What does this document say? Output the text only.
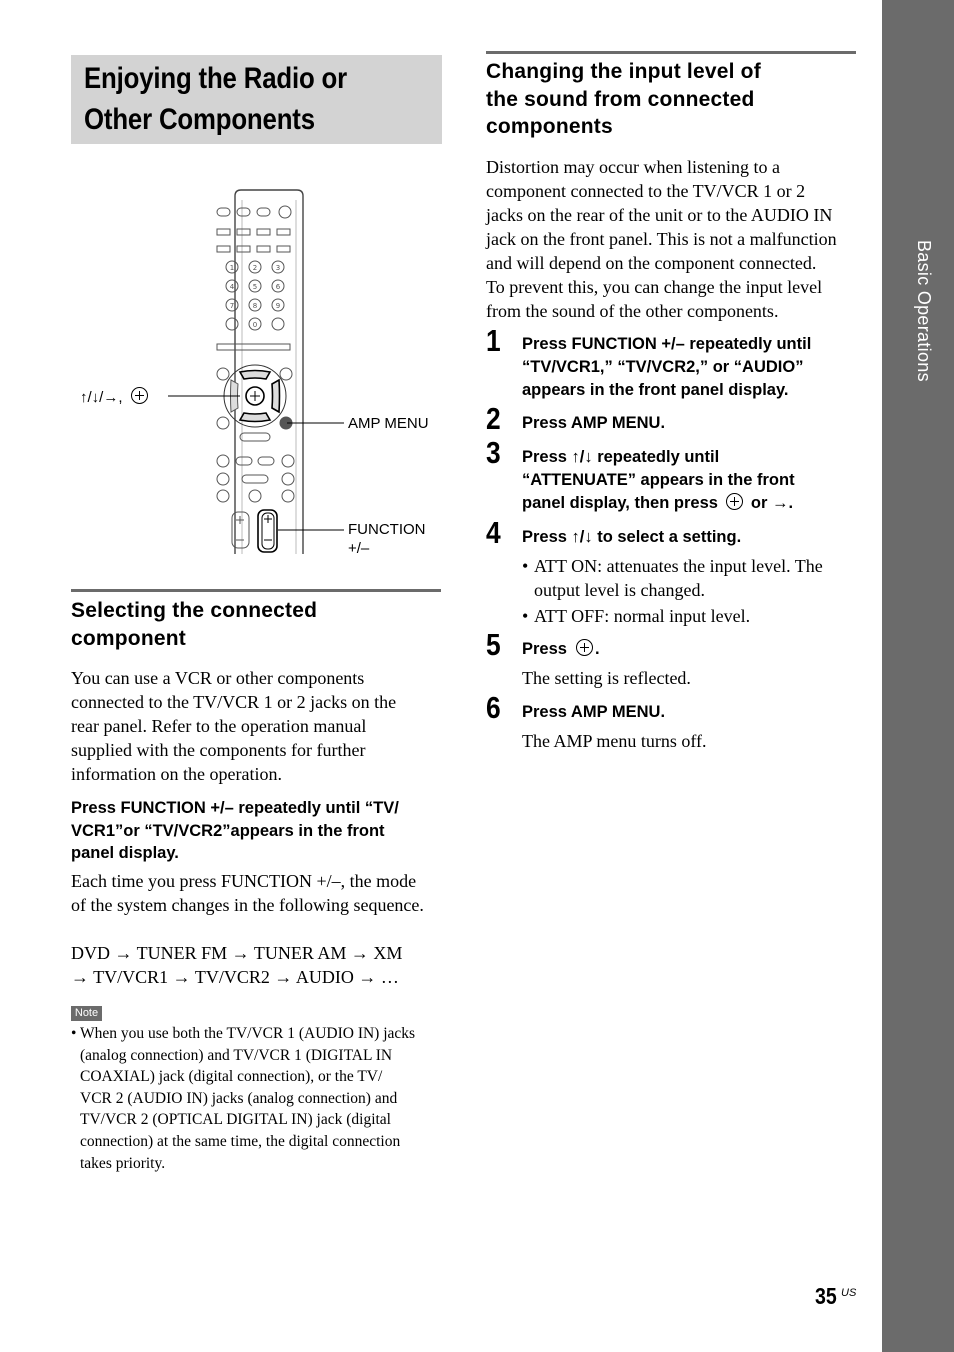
Basic Operations
Enjoying the Radio or Other Components
1	2	3
4	5	6
7	8	9
0
↑/↓/→,
AMP MENU
FUNCTION
+/–
Selecting the connected
component
You can use a VCR or other components
connected to the TV/VCR 1 or 2 jacks on the
rear panel. Refer to the operation manual
supplied with the components for further
information on the operation.
Press FUNCTION +/– repeatedly until “TV/
VCR1”or “TV/VCR2”appears in the front
panel display.
Each time you press FUNCTION +/–, the mode
of the system changes in the following sequence.
DVD → TUNER FM → TUNER AM → XM
→ TV/VCR1 → TV/VCR2 → AUDIO → …
Note
• When you use both the TV/VCR 1 (AUDIO IN) jacks
(analog connection) and TV/VCR 1 (DIGITAL IN
COAXIAL) jack (digital connection), or the TV/
VCR 2 (AUDIO IN) jacks (analog connection) and
TV/VCR 2 (OPTICAL DIGITAL IN) jack (digital
connection) at the same time, the digital connection
takes priority.
Changing the input level of
the sound from connected
components
Distortion may occur when listening to a
component connected to the TV/VCR 1 or 2
jacks on the rear of the unit or to the AUDIO IN
jack on the front panel. This is not a malfunction
and will depend on the component connected.
To prevent this, you can change the input level
from the sound of the other components.
1 Press FUNCTION +/– repeatedly until
“TV/VCR1,” “TV/VCR2,” or “AUDIO”
appears in the front panel display.
2 Press AMP MENU.
3 Press ↑/↓ repeatedly until
“ATTENUATE” appears in the front
panel display, then press or →.
4 Press ↑/↓ to select a setting.
• ATT ON: attenuates the input level. The
output level is changed.
• ATT OFF: normal input level.
5 Press .
The setting is reflected.
6 Press AMP MENU.
The AMP menu turns off.
35 US
